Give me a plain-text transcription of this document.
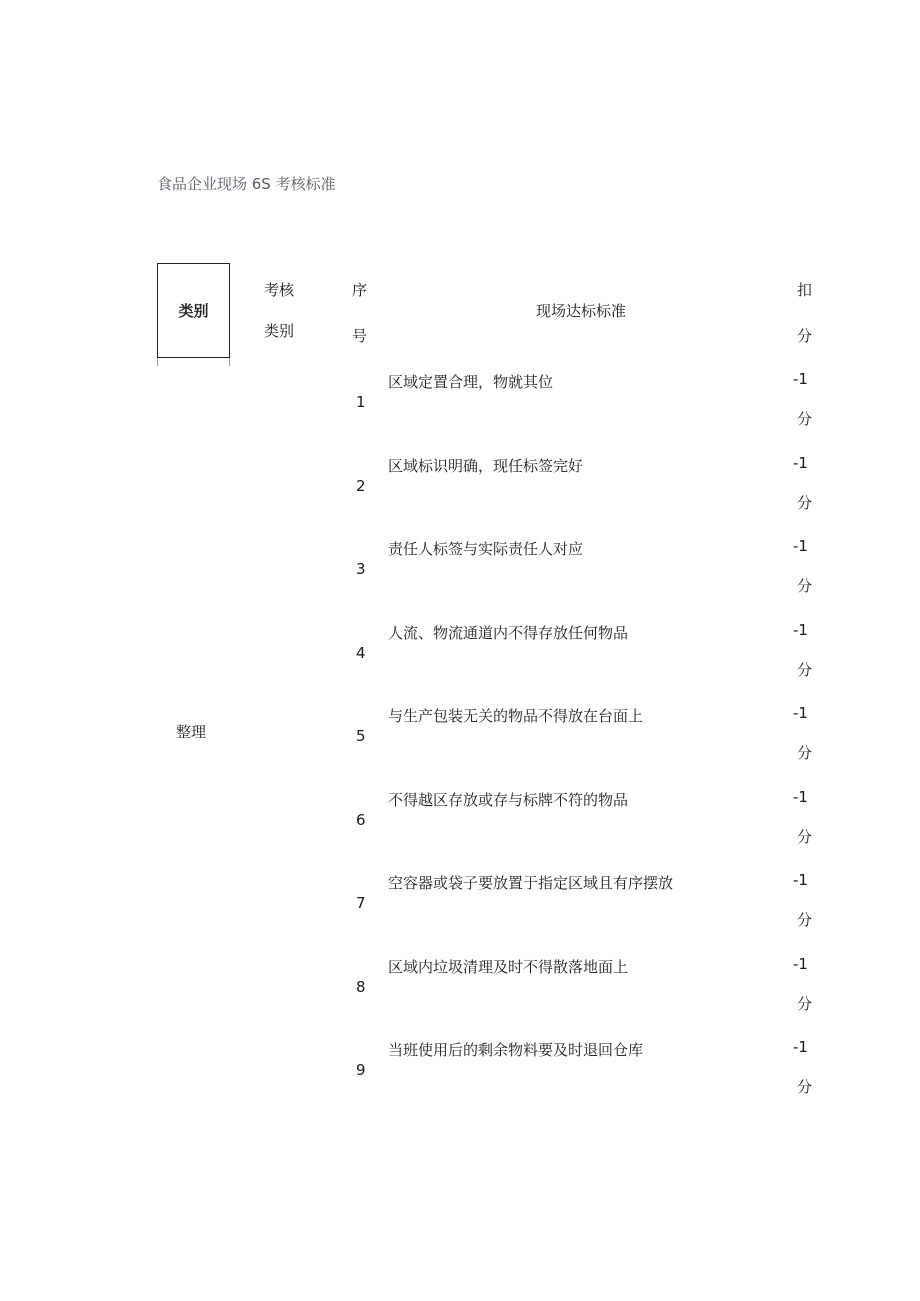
食品企业现场 6S 考核标准
类别
考核
类别
序
号
现场达标标准
扣
分
整理
区域定置合理，物就其位
1
-1
分
区域标识明确，现任标签完好
2
-1
分
责任人标签与实际责任人对应
3
-1
分
人流、物流通道内不得存放任何物品
4
-1
分
与生产包装无关的物品不得放在台面上
5
-1
分
不得越区存放或存与标牌不符的物品
6
-1
分
空容器或袋子要放置于指定区域且有序摆放
7
-1
分
区域内垃圾清理及时不得散落地面上
8
-1
分
当班使用后的剩余物料要及时退回仓库
9
-1
分
